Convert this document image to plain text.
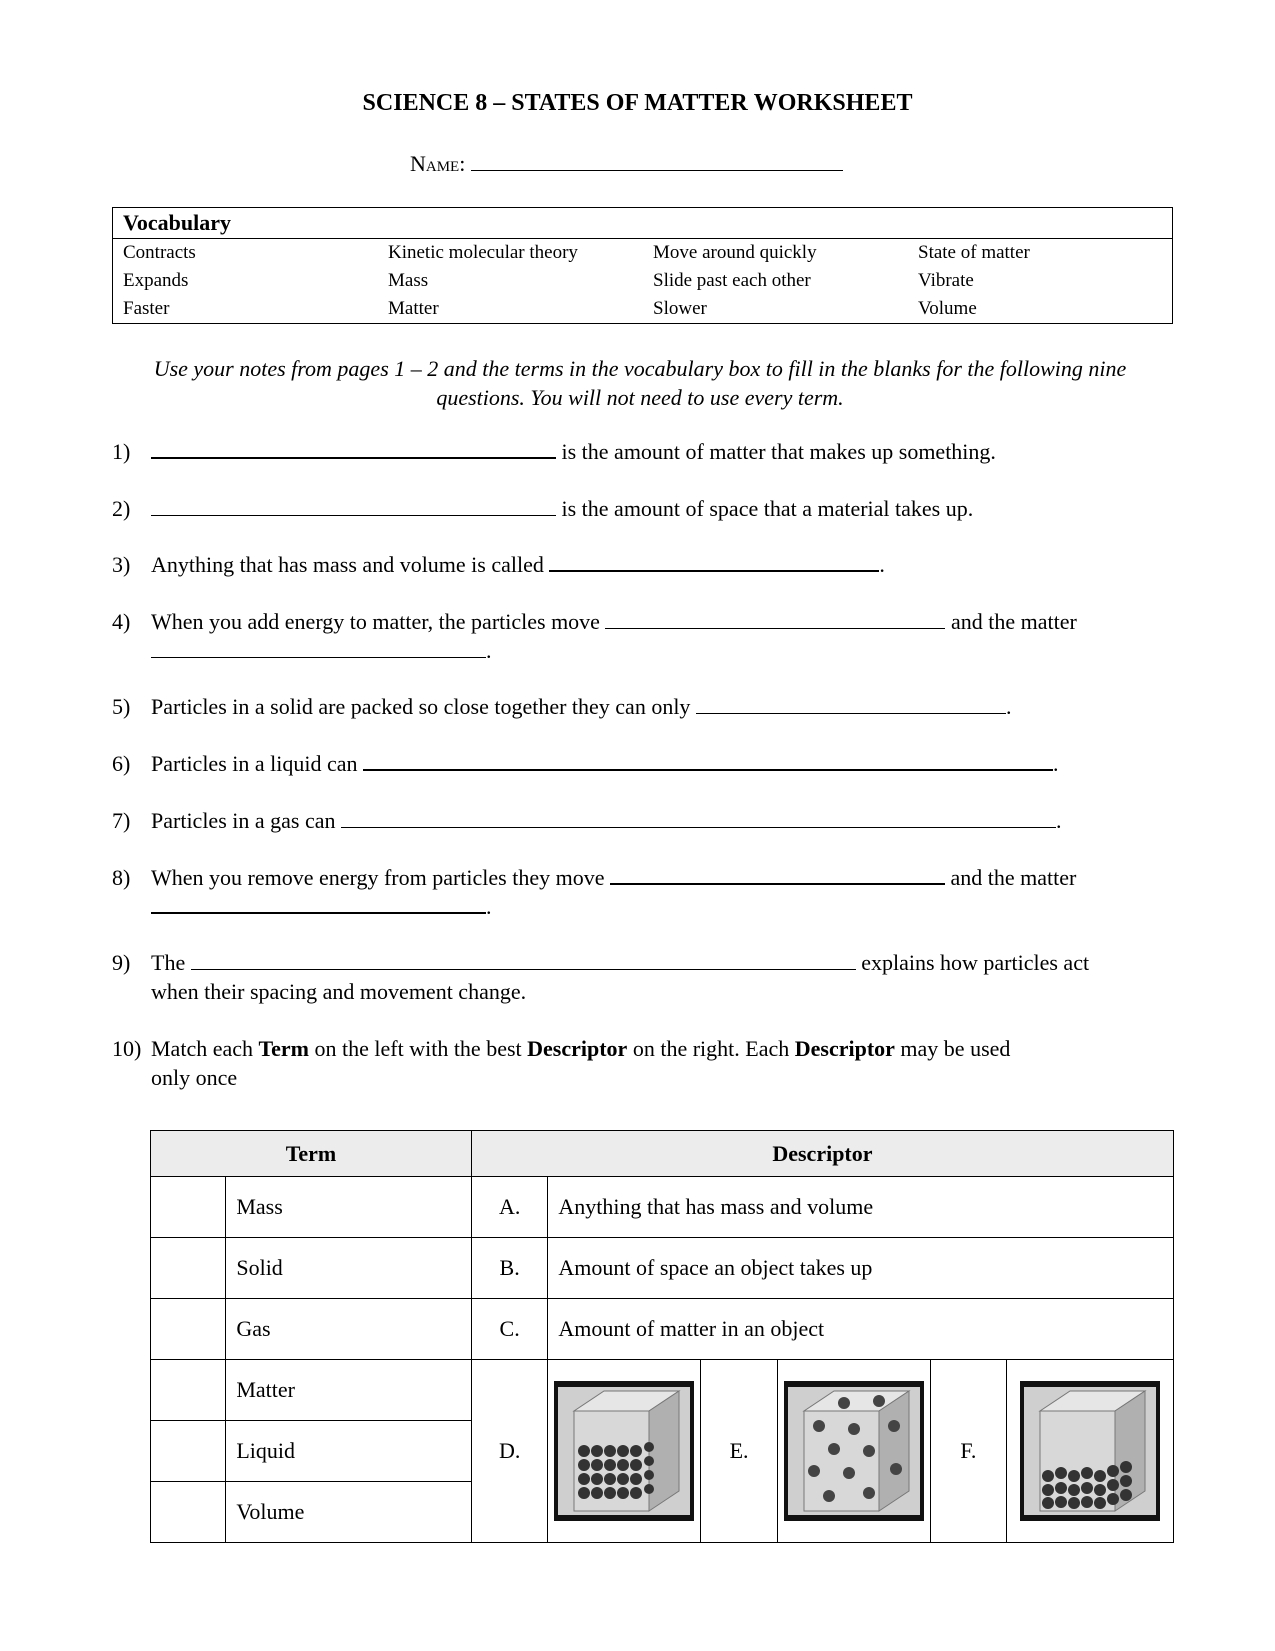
SCIENCE 8 – STATES OF MATTER WORKSHEET
Name:
Vocabulary
Contracts	Kinetic molecular theory	Move around quickly	State of matter
Expands	Mass	Slide past each other	Vibrate
Faster	Matter	Slower	Volume
Use your notes from pages 1 – 2 and the terms in the vocabulary box to fill in the blanks for the following nine questions. You will not need to use every term.
1)	is the amount of matter that makes up something.
2)	is the amount of space that a material takes up.
3) Anything that has mass and volume is called	.
4) When you add energy to matter, the particles move	and the matter
.
5) Particles in a solid are packed so close together they can only	.
6) Particles in a liquid can	.
7) Particles in a gas can	.
8) When you remove energy from particles they move	and the matter
.
9) The	explains how particles act
when their spacing and movement change.
10) Match each Term on the left with the best Descriptor on the right. Each Descriptor may be used
only once
Term		Descriptor					
	Mass	A.	Anything that has mass and volume				
	Solid	B.	Amount of space an object takes up				
	Gas	C.	Amount of matter in an object				
	Matter	D.		E.		F.	

	Liquid						
	Volume						
